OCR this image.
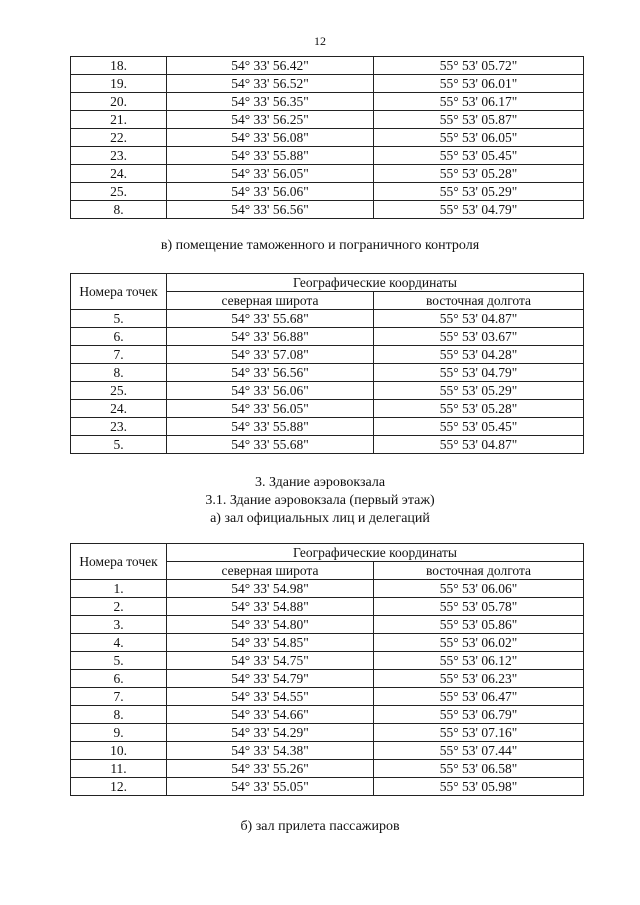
12
18.	54° 33' 56.42"	55° 53' 05.72"
19.	54° 33' 56.52"	55° 53' 06.01"
20.	54° 33' 56.35"	55° 53' 06.17"
21.	54° 33' 56.25"	55° 53' 05.87"
22.	54° 33' 56.08"	55° 53' 06.05"
23.	54° 33' 55.88"	55° 53' 05.45"
24.	54° 33' 56.05"	55° 53' 05.28"
25.	54° 33' 56.06"	55° 53' 05.29"
8.	54° 33' 56.56"	55° 53' 04.79"
в) помещение таможенного и пограничного контроля
Номера точек	Географические координаты	
	северная широта	восточная долгота
5.	54° 33' 55.68"	55° 53' 04.87"
6.	54° 33' 56.88"	55° 53' 03.67"
7.	54° 33' 57.08"	55° 53' 04.28"
8.	54° 33' 56.56"	55° 53' 04.79"
25.	54° 33' 56.06"	55° 53' 05.29"
24.	54° 33' 56.05"	55° 53' 05.28"
23.	54° 33' 55.88"	55° 53' 05.45"
5.	54° 33' 55.68"	55° 53' 04.87"
3. Здание аэровокзала
3.1. Здание аэровокзала (первый этаж)
а) зал официальных лиц и делегаций
Номера точек	Географические координаты	
	северная широта	восточная долгота
1.	54° 33' 54.98"	55° 53' 06.06"
2.	54° 33' 54.88"	55° 53' 05.78"
3.	54° 33' 54.80"	55° 53' 05.86"
4.	54° 33' 54.85"	55° 53' 06.02"
5.	54° 33' 54.75"	55° 53' 06.12"
6.	54° 33' 54.79"	55° 53' 06.23"
7.	54° 33' 54.55"	55° 53' 06.47"
8.	54° 33' 54.66"	55° 53' 06.79"
9.	54° 33' 54.29"	55° 53' 07.16"
10.	54° 33' 54.38"	55° 53' 07.44"
11.	54° 33' 55.26"	55° 53' 06.58"
12.	54° 33' 55.05"	55° 53' 05.98"
б) зал прилета пассажиров
